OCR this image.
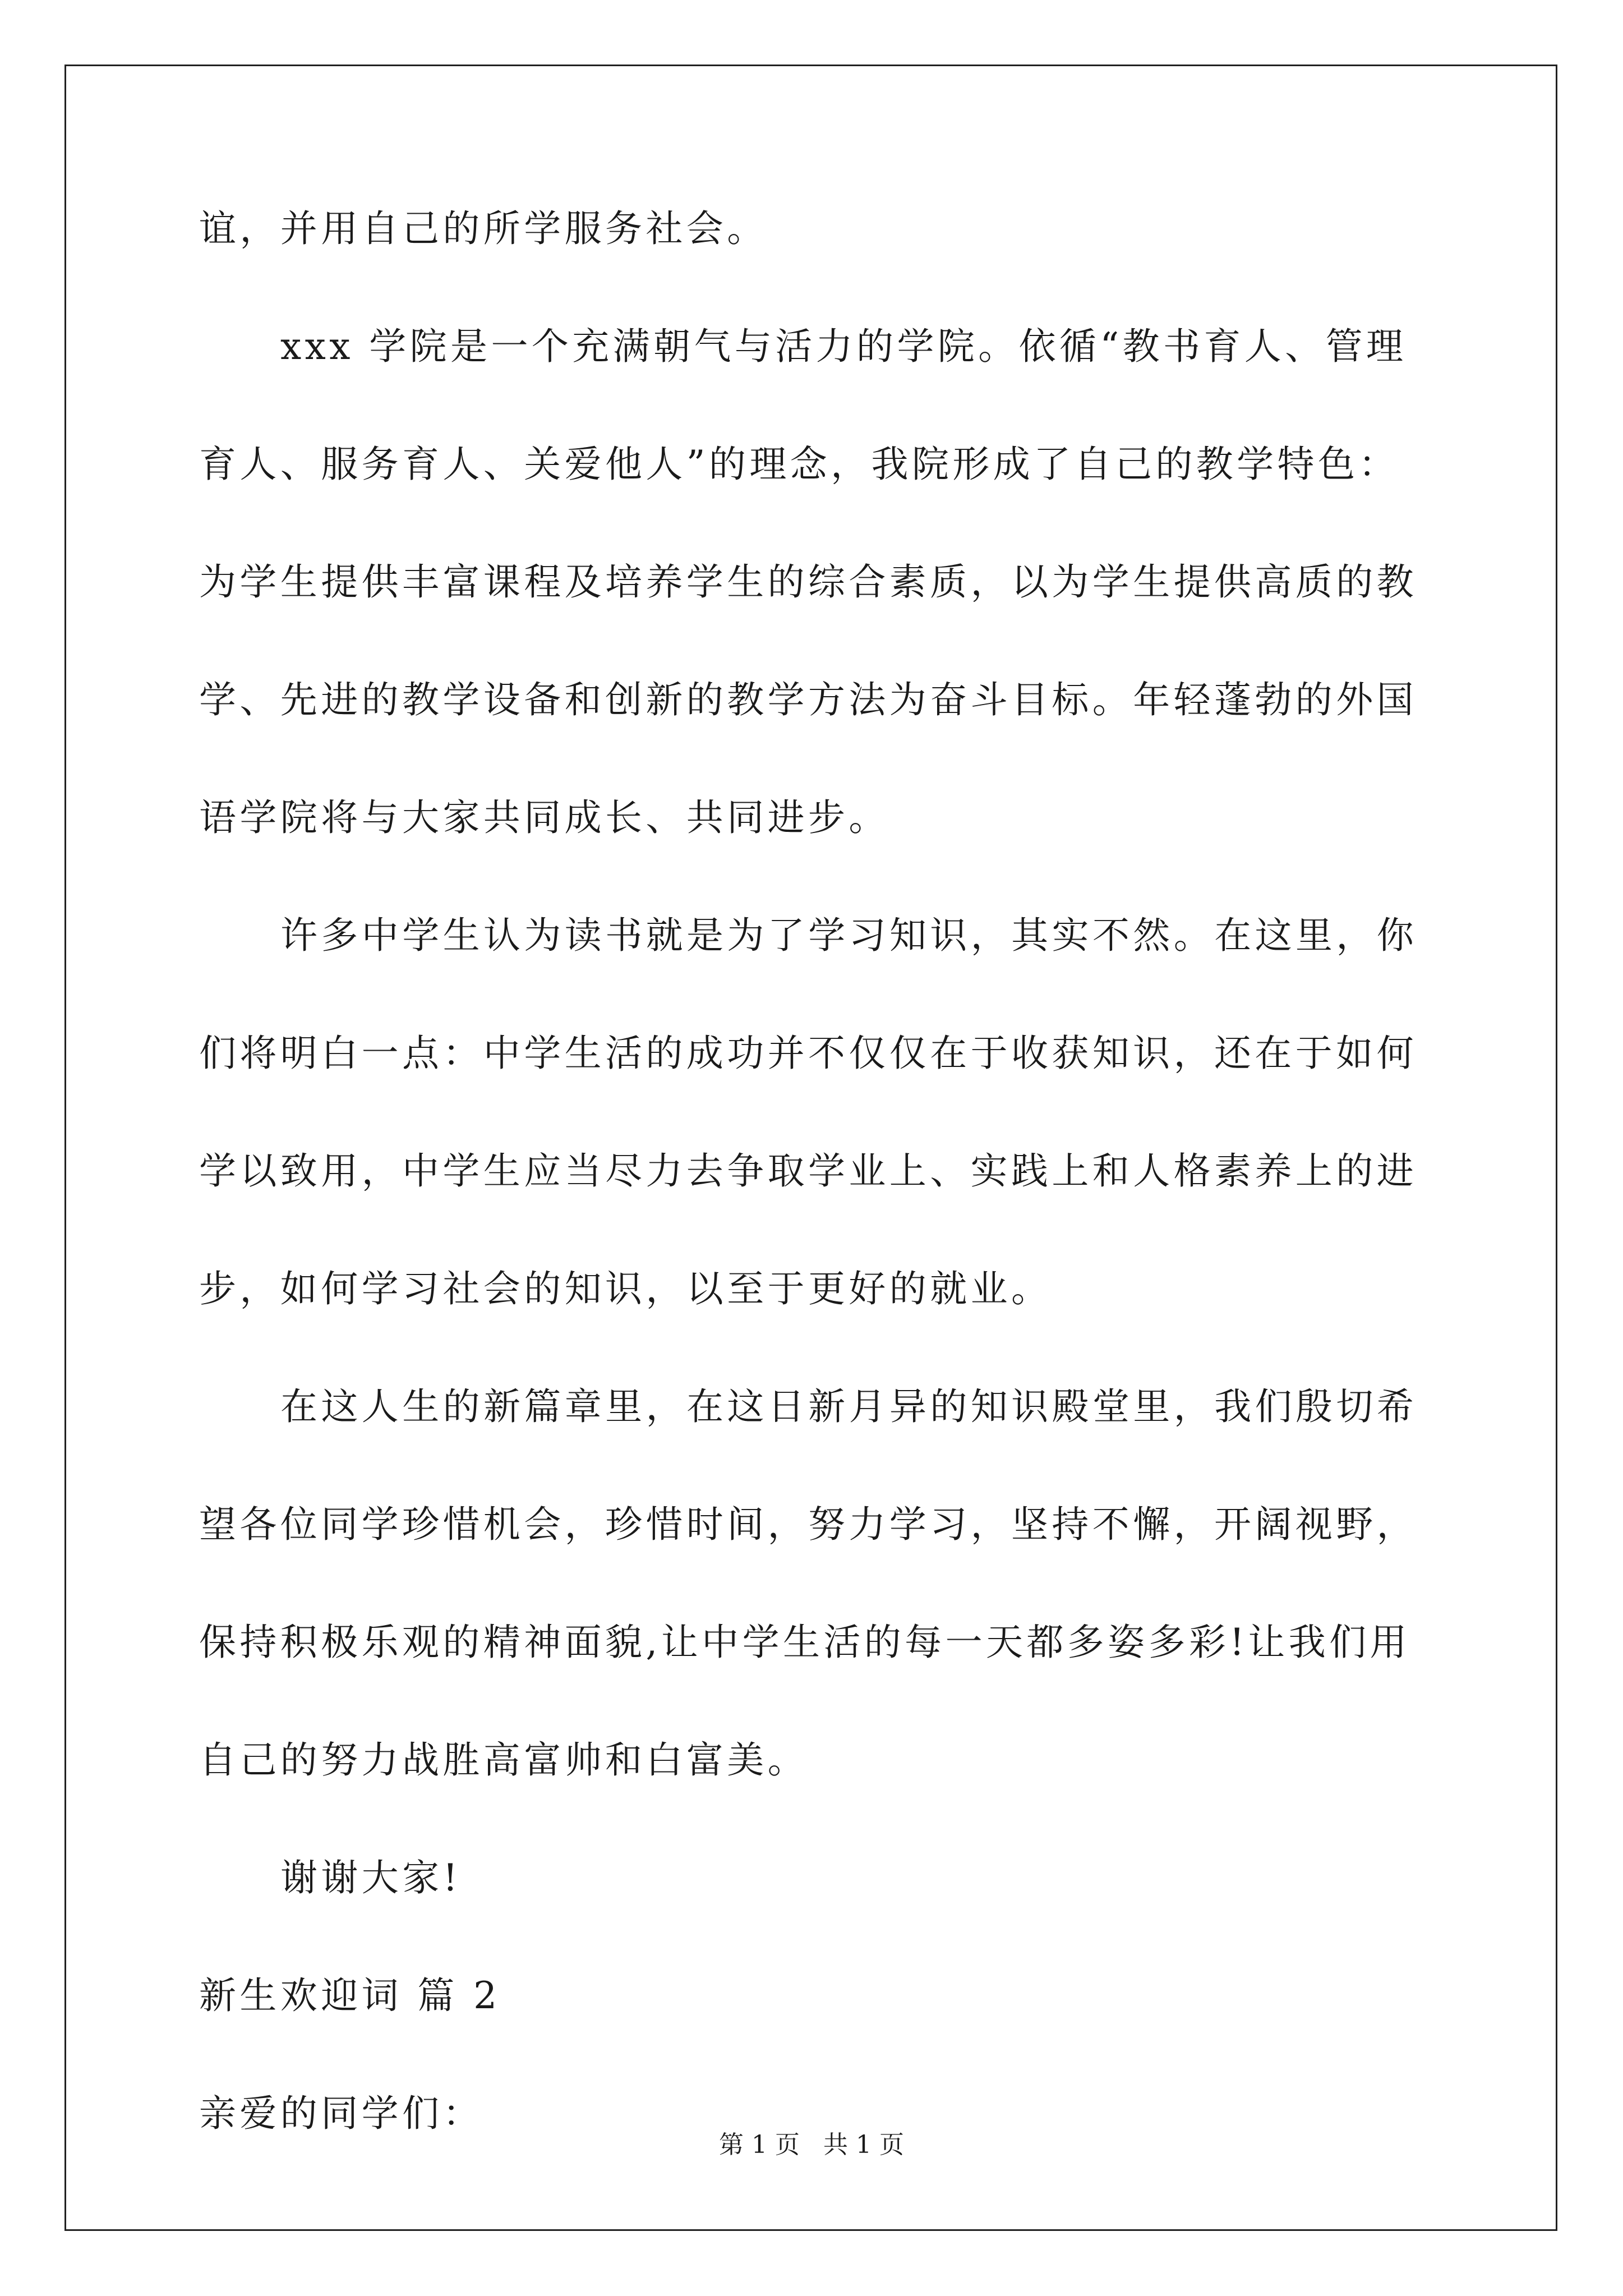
谊，并用自己的所学服务社会。
xxx 学院是一个充满朝气与活力的学院。依循“教书育人、管理
育人、服务育人、关爱他人”的理念，我院形成了自己的教学特色：
为学生提供丰富课程及培养学生的综合素质，以为学生提供高质的教
学、先进的教学设备和创新的教学方法为奋斗目标。年轻蓬勃的外国
语学院将与大家共同成长、共同进步。
许多中学生认为读书就是为了学习知识，其实不然。在这里，你
们将明白一点：中学生活的成功并不仅仅在于收获知识，还在于如何
学以致用，中学生应当尽力去争取学业上、实践上和人格素养上的进
步，如何学习社会的知识，以至于更好的就业。
在这人生的新篇章里，在这日新月异的知识殿堂里，我们殷切希
望各位同学珍惜机会，珍惜时间，努力学习，坚持不懈，开阔视野，
保持积极乐观的精神面貌,让中学生活的每一天都多姿多彩!让我们用
自己的努力战胜高富帅和白富美。
谢谢大家!
新生欢迎词 篇 2
亲爱的同学们：
第 1 页   共 1 页
